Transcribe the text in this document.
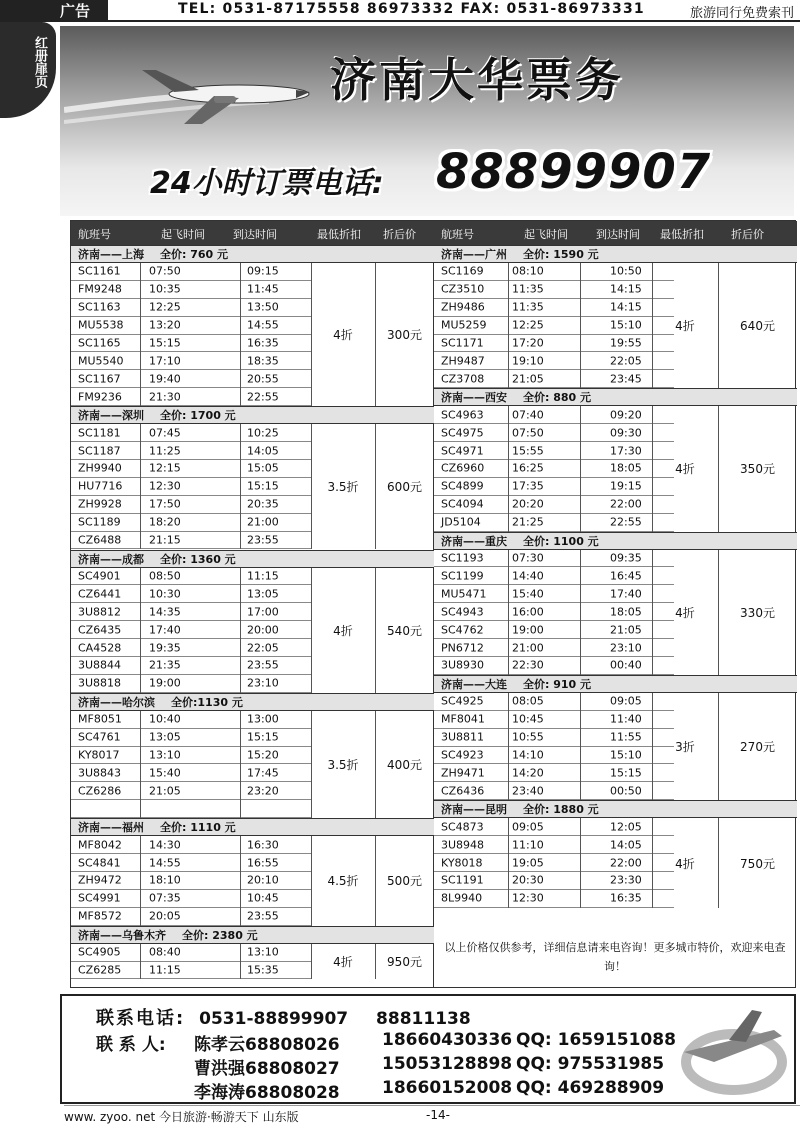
广告	TEL: 0531-87175558 86973332 FAX: 0531-86973331	旅游同行免费索刊
红册扉页	济南大华票务
24小时订票电话: 88899907
航班号	起飞时间	到达时间	最低折扣 折后价
济南——上海 全价: 760 元
SC1161	07:50	09:15
FM9248 10:35	11:45
SC1163	12:25	13:50
MU5538 13:20	14:55
SC1165	15:15	16:35
MU5540 17:10	18:35
SC1167	19:40	20:55
FM9236 21:30	22:55
4折	300元
济南——深圳 全价: 1700 元
SC1181	07:45	10:25
SC1187	11:25	14:05
ZH9940 12:15	15:05
HU7716 12:30	15:15
ZH9928 17:50	20:35
SC1189	18:20	21:00
CZ6488	21:15	23:55
3.5折	600元
济南——成都 全价: 1360 元
SC4901	08:50	11:15
CZ6441	10:30	13:05
3U8812	14:35	17:00
CZ6435	17:40	20:00
CA4528	19:35	22:05
3U8844	21:35	23:55
3U8818	19:00	23:10
4折	540元
济南——哈尔滨 全价:1130 元
MF8051 10:40	13:00
SC4761	13:05	15:15
KY8017	13:10	15:20
3U8843	15:40	17:45
CZ6286	21:05	23:20
3.5折	400元
济南——福州 全价: 1110 元
MF8042 14:30	16:30
SC4841	14:55	16:55
ZH9472 18:10	20:10
SC4991	07:35	10:45
MF8572 20:05	23:55
4.5折	500元
济南——乌鲁木齐 全价: 2380 元
SC4905	08:40	13:10
CZ6285	11:15	15:35
4折	950元
航班号	起飞时间	到达时间 最低折扣 折后价
济南——广州 全价: 1590 元
SC1169	08:10	10:50
CZ3510	11:35	14:15
ZH9486 11:35	14:15
MU5259 12:25	15:10
SC1171	17:20	19:55
ZH9487 19:10	22:05
CZ3708	21:05	23:45
4折	640元
济南——西安 全价: 880 元
SC4963	07:40	09:20
SC4975	07:50	09:30
SC4971	15:55	17:30
CZ6960	16:25	18:05
SC4899	17:35	19:15
SC4094	20:20	22:00
JD5104	21:25	22:55
4折	350元
济南——重庆 全价: 1100 元
SC1193	07:30	09:35
SC1199	14:40	16:45
MU5471 15:40	17:40
SC4943	16:00	18:05
SC4762	19:00	21:05
PN6712	21:00	23:10
3U8930	22:30	00:40
4折	330元
济南——大连 全价: 910 元
SC4925	08:05	09:05
MF8041 10:45	11:40
3U8811	10:55	11:55
SC4923	14:10	15:10
ZH9471 14:20	15:15
CZ6436	23:40	00:50
3折	270元
济南——昆明 全价: 1880 元
SC4873	09:05	12:05
3U8948	11:10	14:05
KY8018	19:05	22:00
SC1191	20:30	23:30
8L9940	12:30	16:35
4折	750元
以上价格仅供参考，详细信息请来电咨询！更多城市特价，欢迎来电查询！
联系电话: 0531-88899907 88811138
联 系 人: 陈孝云68808026 18660430336 QQ: 1659151088
曹洪强68808027 15053128898 QQ: 975531985
李海涛68808028 18660152008 QQ: 469288909
www. zyoo. net 今日旅游·畅游天下 山东版	-14-
